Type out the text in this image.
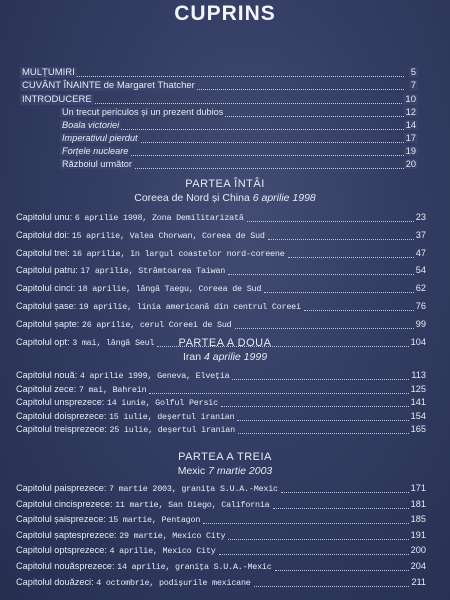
CUPRINS
MULȚUMIRI	5
CUVÂNT ÎNAINTE de Margaret Thatcher	7
INTRODUCERE	10
Un trecut periculos și un prezent dubios	12
Boala victoriei	14
Imperativul pierdut	17
Forțele nucleare	19
Războiul următor	20
PARTEA ÎNTÂI
Coreea de Nord și China 6 aprilie 1998
Capitolul unu: 6 aprilie 1998, Zona Demilitarizată	23
Capitolul doi: 15 aprilie, Valea Chorwan, Coreea de Sud	37
Capitolul trei: 16 aprilie, în largul coastelor nord-coreene	47
Capitolul patru: 17 aprilie, Strâmtoarea Taiwan	54
Capitolul cinci: 18 aprilie, lângă Taegu, Coreea de Sud	62
Capitolul șase: 19 aprilie, linia americană din centrul Coreei	76
Capitolul șapte: 26 aprilie, cerul Coreei de Sud	99
Capitolul opt: 3 mai, lângă Seul	104
PARTEA A DOUA
Iran 4 aprilie 1999
Capitolul nouă: 4 aprilie 1999, Geneva, Elveția	113
Capitolul zece: 7 mai, Bahrein	125
Capitolul unsprezece: 14 iunie, Golful Persic	141
Capitolul doisprezece: 15 iulie, deșertul iranian	154
Capitolul treisprezece: 25 iulie, deșertul iranian	165
PARTEA A TREIA
Mexic 7 martie 2003
Capitolul paisprezece: 7 martie 2003, granița S.U.A.-Mexic	171
Capitolul cincisprezece: 11 martie, San Diego, California	181
Capitolul șaisprezece: 15 martie, Pentagon	185
Capitolul șaptesprezece: 29 martie, Mexico City	191
Capitolul optsprezece: 4 aprilie, Mexico City	200
Capitolul nouăsprezece: 14 aprilie, granița S.U.A.-Mexic	204
Capitolul douăzeci: 4 octombrie, podișurile mexicane	211
